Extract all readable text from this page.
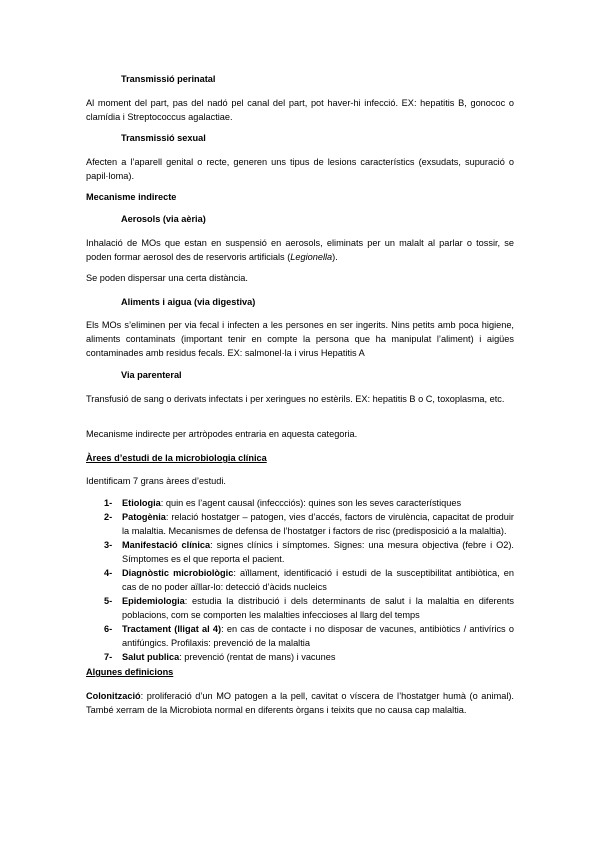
Transmissió perinatal

Al moment del part, pas del nadó pel canal del part, pot haver-hi infecció. EX: hepatitis B, gonococ o clamídia i Streptococcus agalactiae.

Transmissió sexual

Afecten a l’aparell genital o recte, generen uns tipus de lesions característics (exsudats, supuració o papil·loma).

Mecanisme indirecte

Aerosols (via aèria)

Inhalació de MOs que estan en suspensió en aerosols, eliminats per un malalt al parlar o tossir, se poden formar aerosol des de reservoris artificials (Legionella).

Se poden dispersar una certa distància.

Aliments i aigua (via digestiva)

Els MOs s’eliminen per via fecal i infecten a les persones en ser ingerits. Nins petits amb poca higiene, aliments contaminats (important tenir en compte la persona que ha manipulat l’aliment) i aigües contaminades amb residus fecals. EX: salmonel·la i virus Hepatitis A

Via parenteral

Transfusió de sang o derivats infectats i per xeringues no estèrils. EX: hepatitis B o C, toxoplasma, etc.

Mecanisme indirecte per artròpodes entraria en aquesta categoria.

Àrees d’estudi de la microbiologia clínica

Identificam 7 grans àrees d’estudi.

1- Etiologia: quin es l’agent causal (infeccciós): quines son les seves característiques
2- Patogènia: relació hostatger – patogen, vies d’accés, factors de virulència, capacitat de produir la malaltia. Mecanismes de defensa de l’hostatger i factors de risc (predisposició a la malaltia).
3- Manifestació clínica: signes clínics i símptomes. Signes: una mesura objectiva (febre i O2). Símptomes es el que reporta el pacient.
4- Diagnòstic microbiològic: aïllament, identificació i estudi de la susceptibilitat antibiòtica, en cas de no poder aïllar-lo: detecció d’àcids nucleics
5- Epidemiologia: estudia la distribució i dels determinants de salut i la malaltia en diferents poblacions, com se comporten les malalties infeccioses al llarg del temps
6- Tractament (lligat al 4): en cas de contacte i no disposar de vacunes, antibiòtics / antivírics o antifúngics. Profilaxis: prevenció de la malaltia
7- Salut publica: prevenció (rentat de mans) i vacunes

Algunes definicions

Colonització: proliferació d’un MO patogen a la pell, cavitat o víscera de l’hostatger humà (o animal). També xerram de la Microbiota normal en diferents òrgans i teixits que no causa cap malaltia.
